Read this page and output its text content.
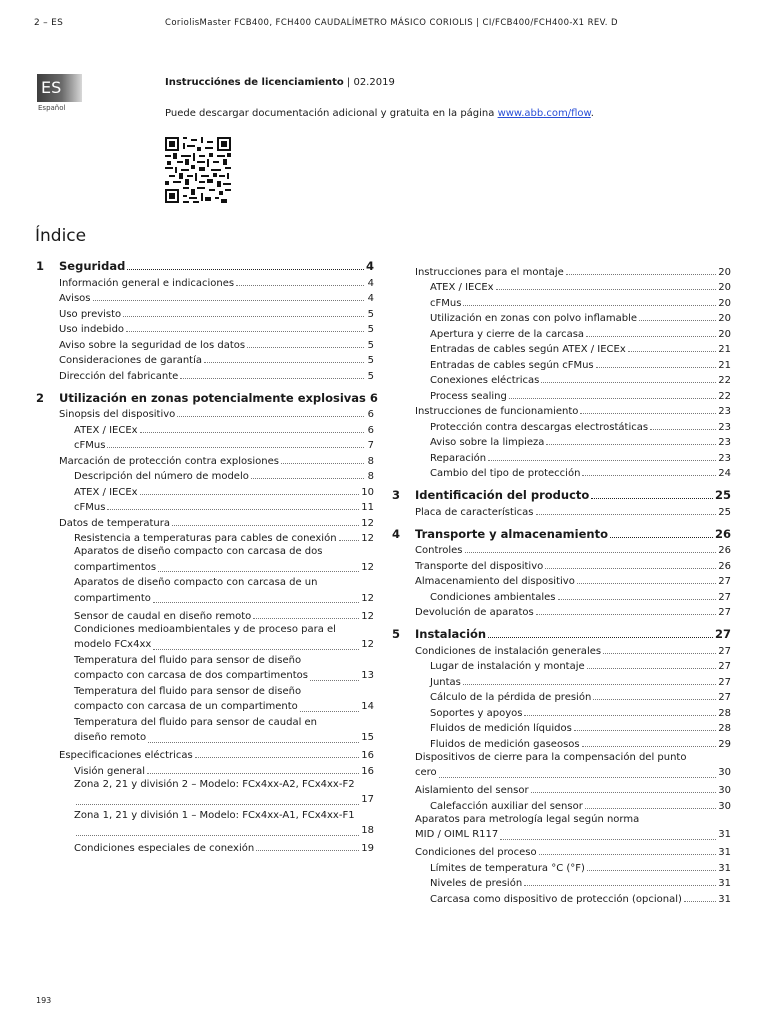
2 – ES	CoriolisMaster FCB400, FCH400 CAUDALÍMETRO MÁSICO CORIOLIS | CI/FCB400/FCH400-X1 REV. D
ES
Español
Instrucciónes de licenciamiento | 02.2019
Puede descargar documentación adicional y gratuita en la página www.abb.com/flow.
Índice
1 Seguridad	4
Información general e indicaciones	4
Avisos	4
Uso previsto	5
Uso indebido	5
Aviso sobre la seguridad de los datos	5
Consideraciones de garantía	5
Dirección del fabricante	5
2 Utilización en zonas potencialmente explosivas 6
Sinopsis del dispositivo	6
ATEX / IECEx	6
cFMus	7
Marcación de protección contra explosiones	8
Descripción del número de modelo	8
ATEX / IECEx	10
cFMus	11
Datos de temperatura	12
Resistencia a temperaturas para cables de conexión 12
Aparatos de diseño compacto con carcasa de dos
compartimentos	12
Aparatos de diseño compacto con carcasa de un
compartimento	12
Sensor de caudal en diseño remoto	12
Condiciones medioambientales y de proceso para el
modelo FCx4xx	12
Temperatura del fluido para sensor de diseño
compacto con carcasa de dos compartimentos	13
Temperatura del fluido para sensor de diseño
compacto con carcasa de un compartimento	14
Temperatura del fluido para sensor de caudal en
diseño remoto	15
Especificaciones eléctricas	16
Visión general	16
Zona 2, 21 y división 2 – Modelo: FCx4xx-A2, FCx4xx-F2
17
Zona 1, 21 y división 1 – Modelo: FCx4xx-A1, FCx4xx-F1
18
Condiciones especiales de conexión	19
Instrucciones para el montaje	20
ATEX / IECEx	20
cFMus	20
Utilización en zonas con polvo inflamable	20
Apertura y cierre de la carcasa	20
Entradas de cables según ATEX / IECEx	21
Entradas de cables según cFMus	21
Conexiones eléctricas	22
Process sealing	22
Instrucciones de funcionamiento	23
Protección contra descargas electrostáticas	23
Aviso sobre la limpieza	23
Reparación	23
Cambio del tipo de protección	24
3 Identificación del producto	25
Placa de características	25
4 Transporte y almacenamiento	26
Controles	26
Transporte del dispositivo	26
Almacenamiento del dispositivo	27
Condiciones ambientales	27
Devolución de aparatos	27
5 Instalación	27
Condiciones de instalación generales	27
Lugar de instalación y montaje	27
Juntas	27
Cálculo de la pérdida de presión	27
Soportes y apoyos	28
Fluidos de medición líquidos	28
Fluidos de medición gaseosos	29
Dispositivos de cierre para la compensación del punto
cero	30
Aislamiento del sensor	30
Calefacción auxiliar del sensor	30
Aparatos para metrología legal según norma
MID / OIML R117	31
Condiciones del proceso	31
Límites de temperatura °C (°F)	31
Niveles de presión	31
Carcasa como dispositivo de protección (opcional)	31
193
